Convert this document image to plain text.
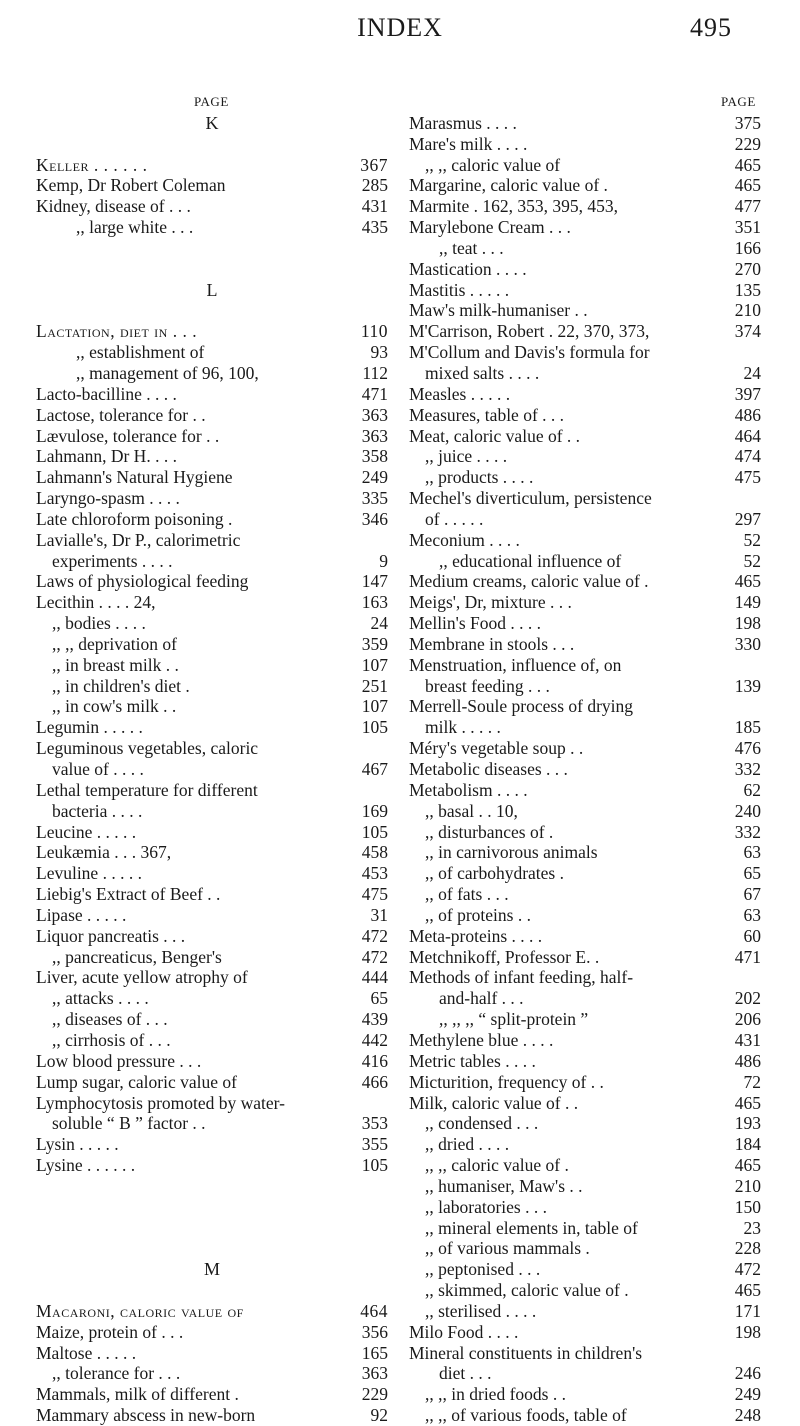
INDEX	495
PAGE
K
Keller . . . . . .	367
Kemp, Dr Robert Coleman	285
Kidney, disease of . . .	431
,, large white . . .	435
L
Lactation, diet in . . .	110
,, establishment of	93
,, management of 96, 100,	112
Lacto-bacilline . . . .	471
Lactose, tolerance for . .	363
Lævulose, tolerance for . .	363
Lahmann, Dr H. . . .	358
Lahmann's Natural Hygiene	249
Laryngo-spasm . . . .	335
Late chloroform poisoning .	346
Lavialle's, Dr P., calorimetric
experiments . . . .	9
Laws of physiological feeding	147
Lecithin . . . . 24,	163
,, bodies . . . .	24
,, ,, deprivation of	359
,, in breast milk . .	107
,, in children's diet .	251
,, in cow's milk . .	107
Legumin . . . . .	105
Leguminous vegetables, caloric
value of . . . .	467
Lethal temperature for different
bacteria . . . .	169
Leucine . . . . .	105
Leukæmia . . . 367,	458
Levuline . . . . .	453
Liebig's Extract of Beef . .	475
Lipase . . . . .	31
Liquor pancreatis . . .	472
,, pancreaticus, Benger's	472
Liver, acute yellow atrophy of	444
,, attacks . . . .	65
,, diseases of . . .	439
,, cirrhosis of . . .	442
Low blood pressure . . .	416
Lump sugar, caloric value of	466
Lymphocytosis promoted by water-
soluble “ B ” factor . .	353
Lysin . . . . .	355
Lysine . . . . . .	105
M
Macaroni, caloric value of	464
Maize, protein of . . .	356
Maltose . . . . .	165
,, tolerance for . . .	363
Mammals, milk of different .	229
Mammary abscess in new-born	92
PAGE
Marasmus . . . .	375
Mare's milk . . . .	229
,, ,, caloric value of	465
Margarine, caloric value of .	465
Marmite . 162, 353, 395, 453,	477
Marylebone Cream . . .	351
,, teat . . .	166
Mastication . . . .	270
Mastitis . . . . .	135
Maw's milk-humaniser . .	210
M'Carrison, Robert . 22, 370, 373,	374
M'Collum and Davis's formula for
mixed salts . . . .	24
Measles . . . . .	397
Measures, table of . . .	486
Meat, caloric value of . .	464
,, juice . . . .	474
,, products . . . .	475
Mechel's diverticulum, persistence
of . . . . .	297
Meconium . . . .	52
,, educational influence of	52
Medium creams, caloric value of .	465
Meigs', Dr, mixture . . .	149
Mellin's Food . . . .	198
Membrane in stools . . .	330
Menstruation, influence of, on
breast feeding . . .	139
Merrell-Soule process of drying
milk . . . . .	185
Méry's vegetable soup . .	476
Metabolic diseases . . .	332
Metabolism . . . .	62
,, basal . . 10,	240
,, disturbances of .	332
,, in carnivorous animals	63
,, of carbohydrates .	65
,, of fats . . .	67
,, of proteins . .	63
Meta-proteins . . . .	60
Metchnikoff, Professor E. .	471
Methods of infant feeding, half-
and-half . . .	202
,, ,, ,, “ split-protein ”	206
Methylene blue . . . .	431
Metric tables . . . .	486
Micturition, frequency of . .	72
Milk, caloric value of . .	465
,, condensed . . .	193
,, dried . . . .	184
,, ,, caloric value of .	465
,, humaniser, Maw's . .	210
,, laboratories . . .	150
,, mineral elements in, table of	23
,, of various mammals .	228
,, peptonised . . .	472
,, skimmed, caloric value of .	465
,, sterilised . . . .	171
Milo Food . . . .	198
Mineral constituents in children's
diet . . .	246
,, ,, in dried foods . .	249
,, ,, of various foods, table of	248
